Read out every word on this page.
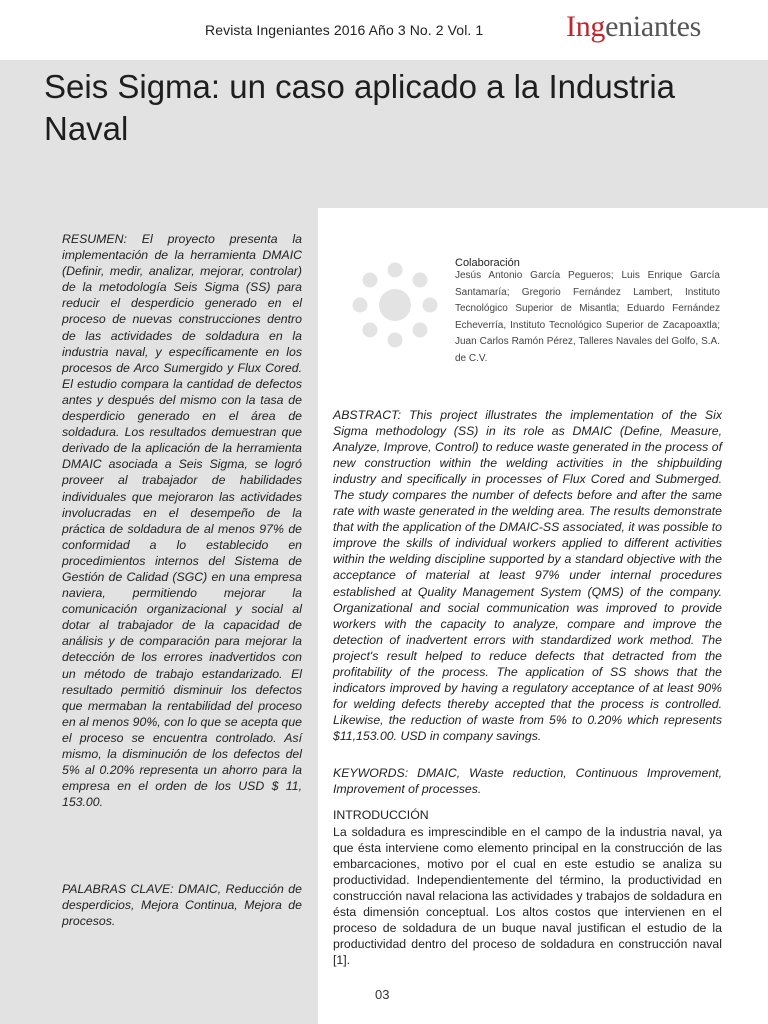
Revista Ingeniantes 2016 Año 3 No. 2 Vol. 1	Ingeniantes
Seis Sigma: un caso aplicado a la Industria Naval

RESUMEN: El proyecto presenta la implementación de la herramienta DMAIC (Definir, medir, analizar, mejorar, controlar) de la metodología Seis Sigma (SS) para reducir el desperdicio generado en el proceso de nuevas construcciones dentro de las actividades de soldadura en la industria naval, y específicamente en los procesos de Arco Sumergido y Flux Cored. El estudio compara la cantidad de defectos antes y después del mismo con la tasa de desperdicio generado en el área de soldadura. Los resultados demuestran que derivado de la aplicación de la herramienta DMAIC asociada a Seis Sigma, se logró proveer al trabajador de habilidades individuales que mejoraron las actividades involucradas en el desempeño de la práctica de soldadura de al menos 97% de conformidad a lo establecido en procedimientos internos del Sistema de Gestión de Calidad (SGC) en una empresa naviera, permitiendo mejorar la comunicación organizacional y social al dotar al trabajador de la capacidad de análisis y de comparación para mejorar la detección de los errores inadvertidos con un método de trabajo estandarizado. El resultado permitió disminuir los defectos que mermaban la rentabilidad del proceso en al menos 90%, con lo que se acepta que el proceso se encuentra controlado. Así mismo, la disminución de los defectos del 5% al 0.20% representa un ahorro para la empresa en el orden de los USD $ 11, 153.00.

PALABRAS CLAVE: DMAIC, Reducción de desperdicios, Mejora Continua, Mejora de procesos.

Colaboración

Jesús Antonio García Pegueros; Luis Enrique García Santamaría; Gregorio Fernández Lambert, Instituto Tecnológico Superior de Misantla; Eduardo Fernández Echeverría, Instituto Tecnológico Superior de Zacapoaxtla; Juan Carlos Ramón Pérez, Talleres Navales del Golfo, S.A. de C.V.

ABSTRACT: This project illustrates the implementation of the Six Sigma methodology (SS) in its role as DMAIC (Define, Measure, Analyze, Improve, Control) to reduce waste generated in the process of new construction within the welding activities in the shipbuilding industry and specifically in processes of Flux Cored and Submerged. The study compares the number of defects before and after the same rate with waste generated in the welding area. The results demonstrate that with the application of the DMAIC-SS associated, it was possible to improve the skills of individual workers applied to different activities within the welding discipline supported by a standard objective with the acceptance of material at least 97% under internal procedures established at Quality Management System (QMS) of the company. Organizational and social communication was improved to provide workers with the capacity to analyze, compare and improve the detection of inadvertent errors with standardized work method. The project's result helped to reduce defects that detracted from the profitability of the process. The application of SS shows that the indicators improved by having a regulatory acceptance of at least 90% for welding defects thereby accepted that the process is controlled. Likewise, the reduction of waste from 5% to 0.20% which represents $11,153.00. USD in company savings.

KEYWORDS: DMAIC, Waste reduction, Continuous Improvement, Improvement of processes.

INTRODUCCIÓN

La soldadura es imprescindible en el campo de la industria naval, ya que ésta interviene como elemento principal en la construcción de las embarcaciones, motivo por el cual en este estudio se analiza su productividad. Independientemente del término, la productividad en construcción naval relaciona las actividades y trabajos de soldadura en ésta dimensión conceptual. Los altos costos que intervienen en el proceso de soldadura de un buque naval justifican el estudio de la productividad dentro del proceso de soldadura en construcción naval [1].

03
